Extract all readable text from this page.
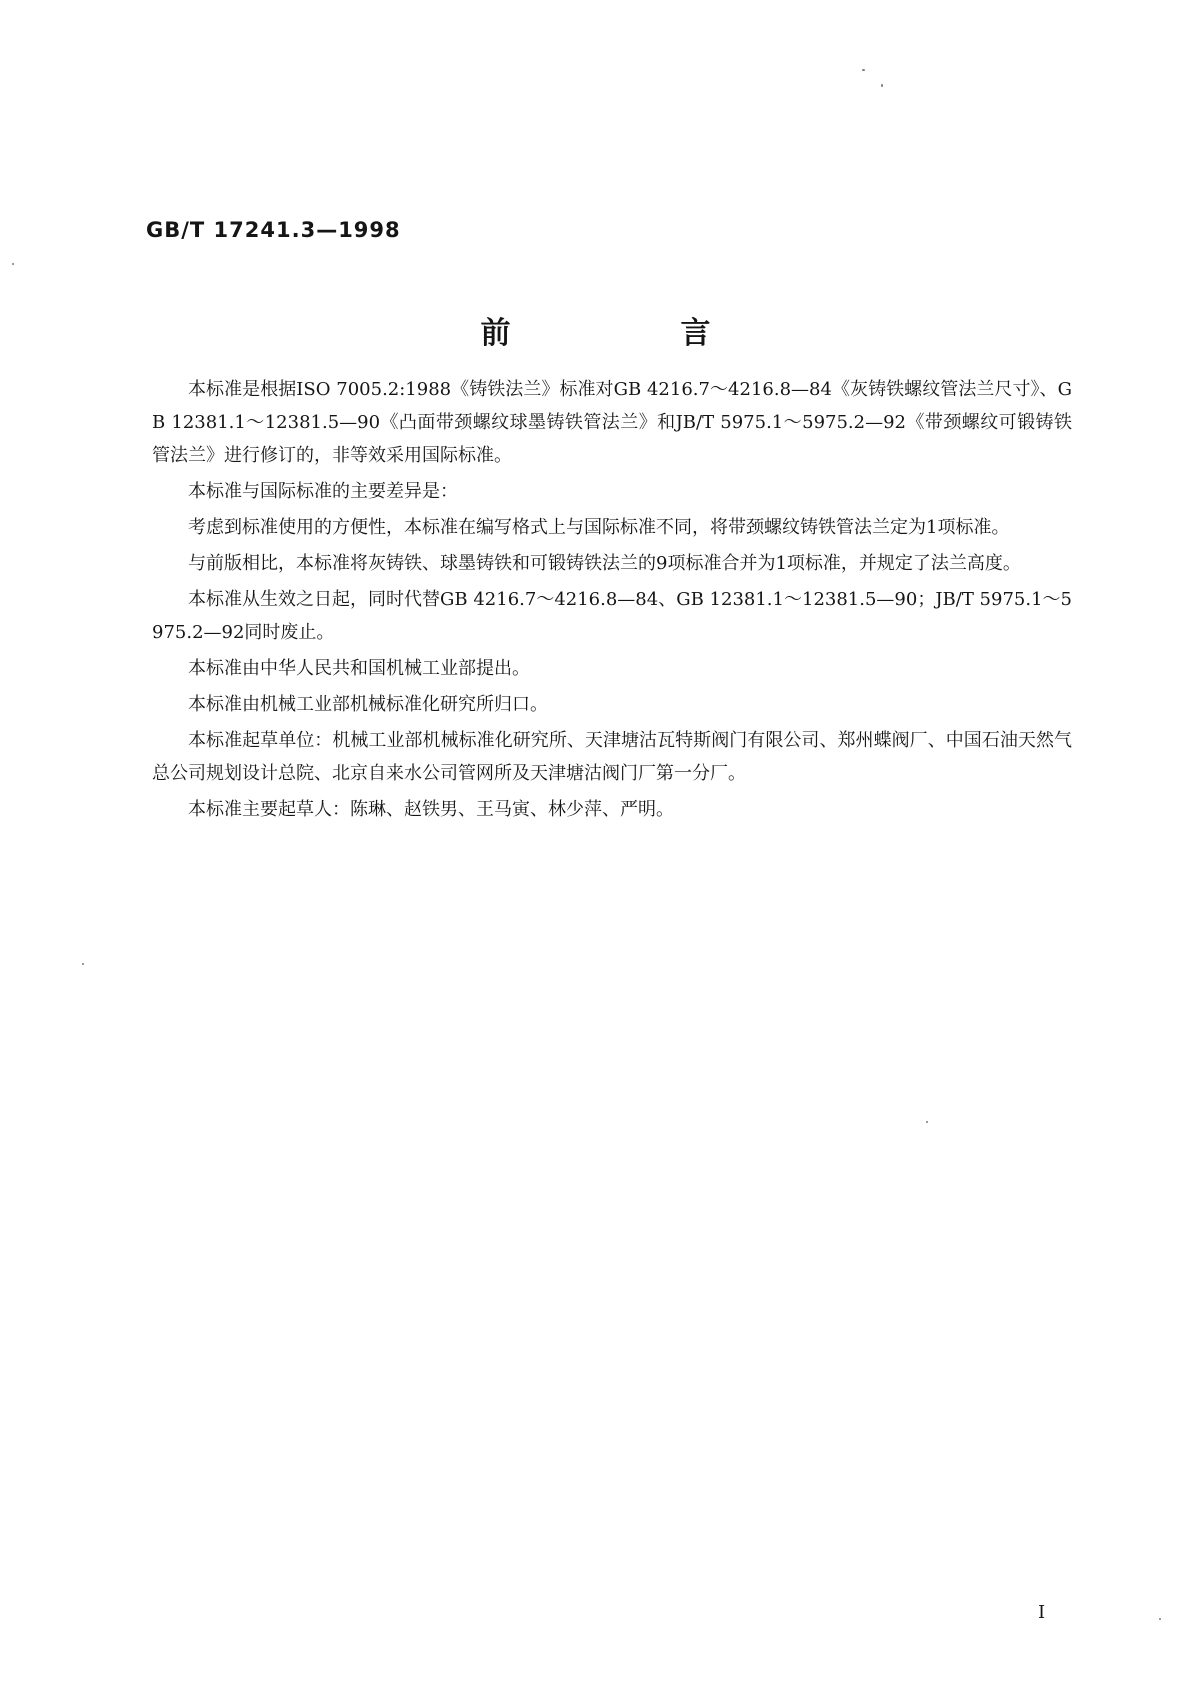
GB/T 17241.3—1998
前　言

本标准是根据ISO 7005.2:1988《铸铁法兰》标准对GB 4216.7～4216.8—84《灰铸铁螺纹管法兰尺寸》、GB 12381.1～12381.5—90《凸面带颈螺纹球墨铸铁管法兰》和JB/T 5975.1～5975.2—92《带颈螺纹可锻铸铁管法兰》进行修订的，非等效采用国际标准。

本标准与国际标准的主要差异是：

考虑到标准使用的方便性，本标准在编写格式上与国际标准不同，将带颈螺纹铸铁管法兰定为1项标准。

与前版相比，本标准将灰铸铁、球墨铸铁和可锻铸铁法兰的9项标准合并为1项标准，并规定了法兰高度。

本标准从生效之日起，同时代替GB 4216.7～4216.8—84、GB 12381.1～12381.5—90；JB/T 5975.1～5975.2—92同时废止。

本标准由中华人民共和国机械工业部提出。

本标准由机械工业部机械标准化研究所归口。

本标准起草单位：机械工业部机械标准化研究所、天津塘沽瓦特斯阀门有限公司、郑州蝶阀厂、中国石油天然气总公司规划设计总院、北京自来水公司管网所及天津塘沽阀门厂第一分厂。

本标准主要起草人：陈琳、赵铁男、王马寅、林少萍、严明。

I
